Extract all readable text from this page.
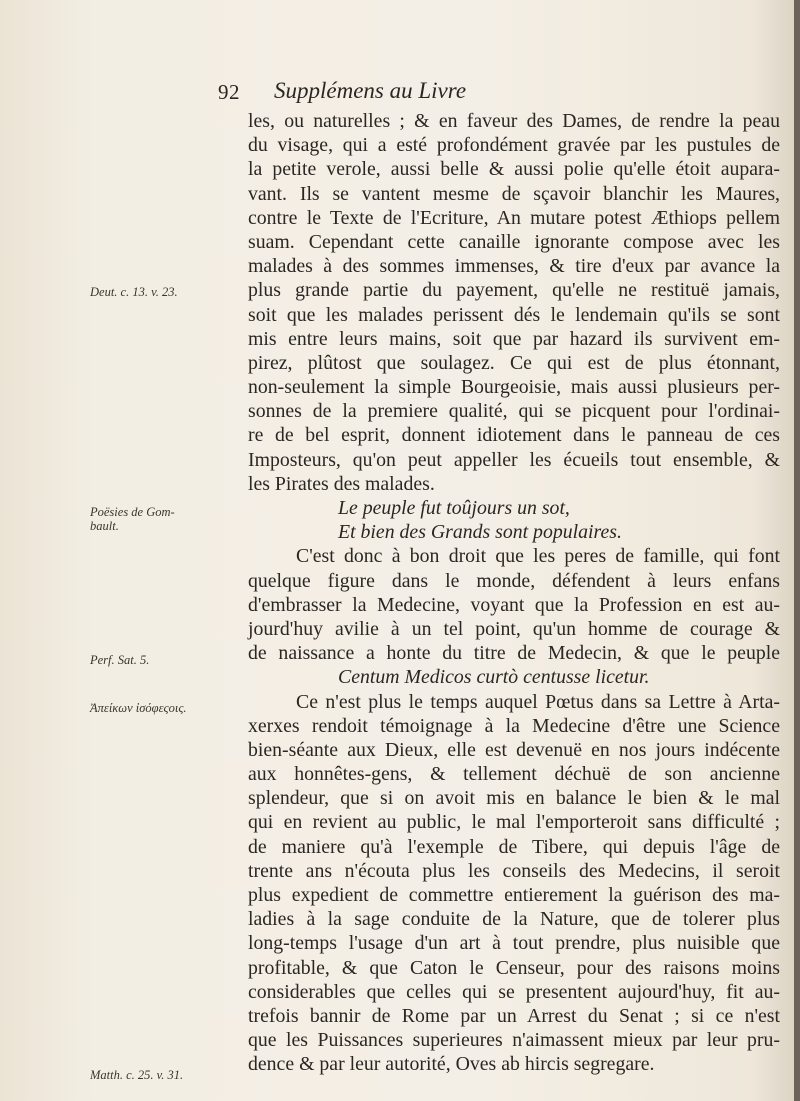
92 Supplémens au Livre
Deut. c. 13. v. 23.
Poësies de Gom-bault.
Perf. Sat. 5.
Ἀπείκων ἰσόφεςοις.
Matth. c. 25. v. 31.
les, ou naturelles ; & en faveur des Dames, de rendre la peau
du visage, qui a esté profondément gravée par les pustules de
la petite verole, aussi belle & aussi polie qu'elle étoit aupara-
vant. Ils se vantent mesme de sçavoir blanchir les Maures,
contre le Texte de l'Ecriture, An mutare potest Æthiops pellem
suam. Cependant cette canaille ignorante compose avec les
malades à des sommes immenses, & tire d'eux par avance la
plus grande partie du payement, qu'elle ne restituë jamais,
soit que les malades perissent dés le lendemain qu'ils se sont
mis entre leurs mains, soit que par hazard ils survivent em-
pirez, plûtost que soulagez. Ce qui est de plus étonnant,
non-seulement la simple Bourgeoisie, mais aussi plusieurs per-
sonnes de la premiere qualité, qui se picquent pour l'ordinai-
re de bel esprit, donnent idiotement dans le panneau de ces
Impostеurs, qu'on peut appeller les écueils tout ensemble, &
les Pirates des malades.
Le peuple fut toûjours un sot,
Et bien des Grands sont populaires.
C'est donc à bon droit que les peres de famille, qui font
quelque figure dans le monde, défendent à leurs enfans
d'embrasser la Medecine, voyant que la Profession en est au-
jourd'huy avilie à un tel point, qu'un homme de courage &
de naissance a honte du titre de Medecin, & que le peuple
Centum Medicos curtò centusse licetur.
Ce n'est plus le temps auquel Pœtus dans sa Lettre à Arta-
xerxes rendoit témoignage à la Medecine d'être une Science
bien-séante aux Dieux, elle est devenuë en nos jours indécente
aux honnêtes-gens, & tellement déchuë de son ancienne
splendeur, que si on avoit mis en balance le bien & le mal
qui en revient au public, le mal l'emporteroit sans difficulté ;
de maniere qu'à l'exemple de Tibere, qui depuis l'âge de
trente ans n'écouta plus les conseils des Medecins, il seroit
plus expedient de commettre entierement la guérison des ma-
ladies à la sage conduite de la Nature, que de tolerer plus
long-temps l'usage d'un art à tout prendre, plus nuisible que
profitable, & que Caton le Censeur, pour des raisons moins
considerables que celles qui se presentent aujourd'huy, fit au-
trefois bannir de Rome par un Arrest du Senat ; si ce n'est
que les Puissances superieures n'aimassent mieux par leur pru-
dence & par leur autorité, Oves ab hircis segregare.
